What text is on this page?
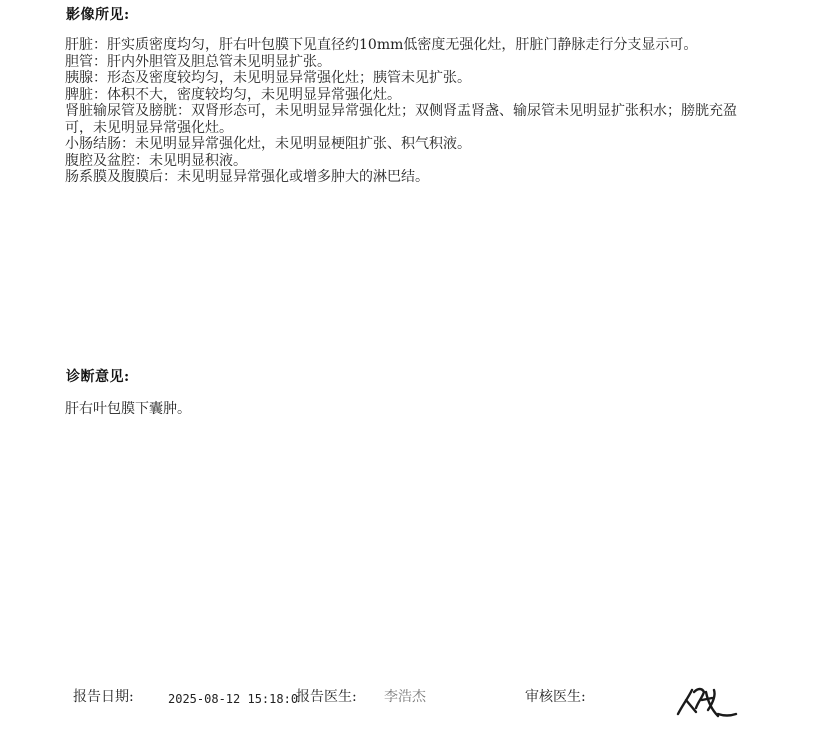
影像所见:
肝脏：肝实质密度均匀，肝右叶包膜下见直径约10mm低密度无强化灶，肝脏门静脉走行分支显示可。
胆管：肝内外胆管及胆总管未见明显扩张。
胰腺：形态及密度较均匀，未见明显异常强化灶；胰管未见扩张。
脾脏：体积不大，密度较均匀，未见明显异常强化灶。
肾脏输尿管及膀胱：双肾形态可，未见明显异常强化灶；双侧肾盂肾盏、输尿管未见明显扩张积水；膀胱充盈可，未见明显异常强化灶。
小肠结肠：未见明显异常强化灶，未见明显梗阻扩张、积气积液。
腹腔及盆腔：未见明显积液。
肠系膜及腹膜后：未见明显异常强化或增多肿大的淋巴结。
诊断意见:
肝右叶包膜下囊肿。
报告日期:	2025-08-12 15:18:0
报告医生: 李浩杰	审核医生:
